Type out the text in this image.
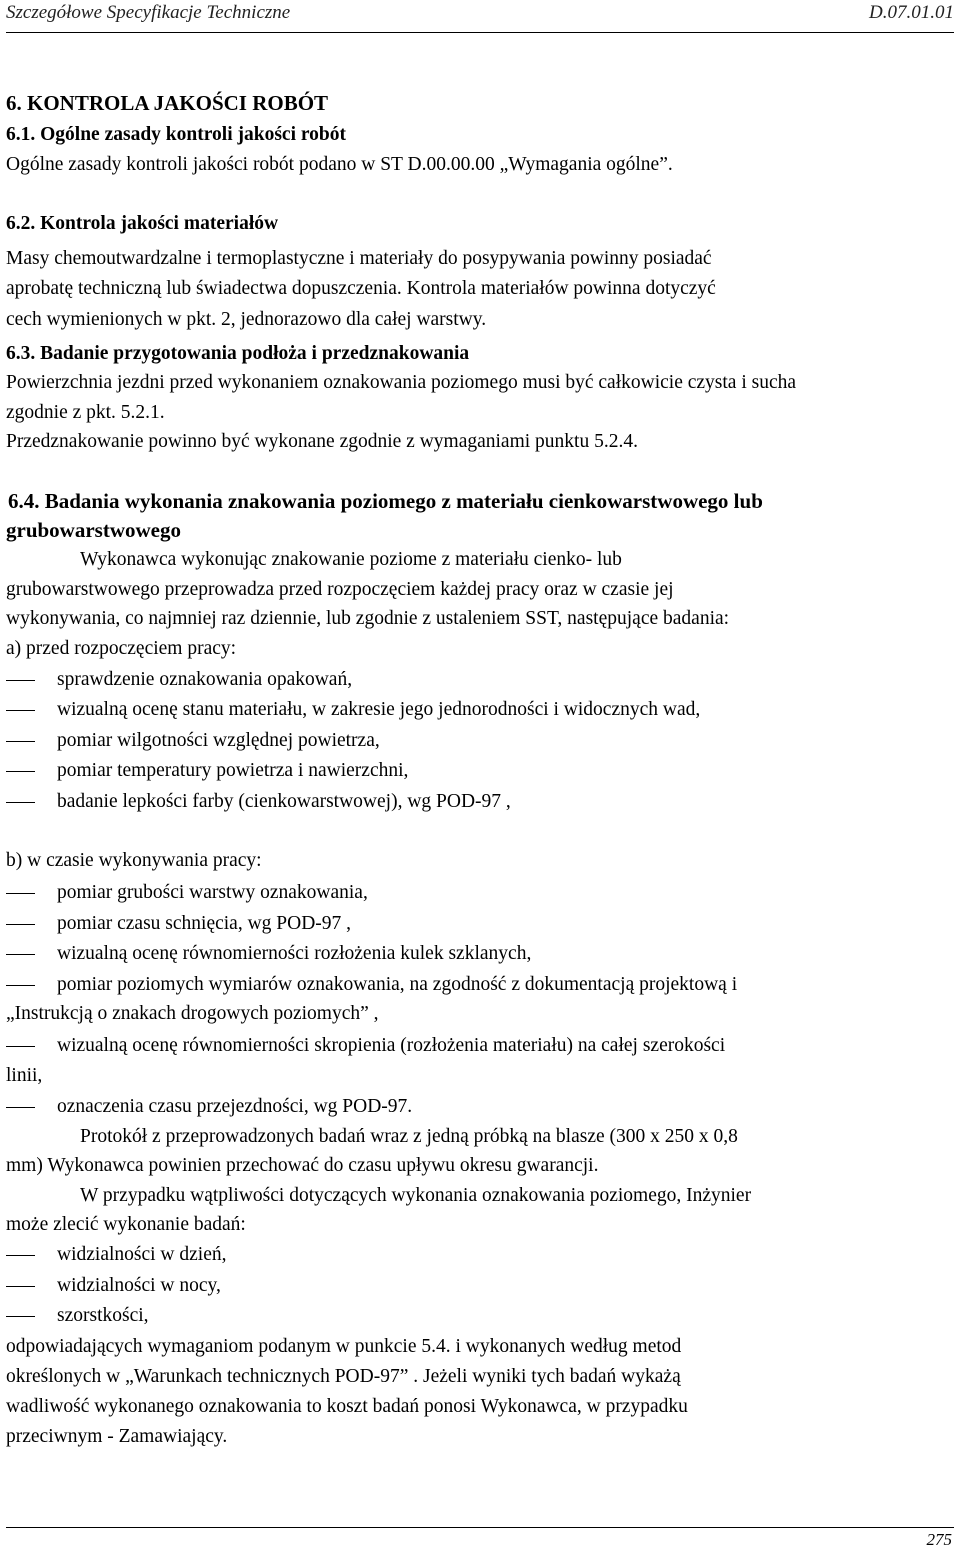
Szczegółowe Specyfikacje Techniczne	D.07.01.01
6. KONTROLA JAKOŚCI ROBÓT
6.1. Ogólne zasady kontroli jakości robót
Ogólne zasady kontroli jakości robót podano w ST D.00.00.00 „Wymagania ogólne”.
6.2. Kontrola jakości materiałów
Masy chemoutwardzalne i termoplastyczne i materiały do posypywania powinny posiadać
aprobatę techniczną lub świadectwa dopuszczenia. Kontrola materiałów powinna dotyczyć
cech wymienionych w pkt. 2, jednorazowo dla całej warstwy.
6.3. Badanie przygotowania podłoża i przedznakowania
Powierzchnia jezdni przed wykonaniem oznakowania poziomego musi być całkowicie czysta i sucha
zgodnie z pkt. 5.2.1.
Przedznakowanie powinno być wykonane zgodnie z wymaganiami punktu 5.2.4.
6.4. Badania wykonania znakowania poziomego z materiału cienkowarstwowego lub
grubowarstwowego
Wykonawca wykonując znakowanie poziome z materiału cienko- lub
grubowarstwowego przeprowadza przed rozpoczęciem każdej pracy oraz w czasie jej
wykonywania, co najmniej raz dziennie, lub zgodnie z ustaleniem SST, następujące badania:
a) przed rozpoczęciem pracy:
sprawdzenie oznakowania opakowań,
wizualną ocenę stanu materiału, w zakresie jego jednorodności i widocznych wad,
pomiar wilgotności względnej powietrza,
pomiar temperatury powietrza i nawierzchni,
badanie lepkości farby (cienkowarstwowej), wg POD-97 ,
b) w czasie wykonywania pracy:
pomiar grubości warstwy oznakowania,
pomiar czasu schnięcia, wg POD-97 ,
wizualną ocenę równomierności rozłożenia kulek szklanych,
pomiar poziomych wymiarów oznakowania, na zgodność z dokumentacją projektową i
„Instrukcją o znakach drogowych poziomych” ,
wizualną ocenę równomierności skropienia (rozłożenia materiału) na całej szerokości
linii,
oznaczenia czasu przejezdności, wg POD-97.
Protokół z przeprowadzonych badań wraz z jedną próbką na blasze (300 x 250 x 0,8
mm) Wykonawca powinien przechować do czasu upływu okresu gwarancji.
W przypadku wątpliwości dotyczących wykonania oznakowania poziomego, Inżynier
może zlecić wykonanie badań:
widzialności w dzień,
widzialności w nocy,
szorstkości,
odpowiadających wymaganiom podanym w punkcie 5.4. i wykonanych według metod
określonych w „Warunkach technicznych POD-97” . Jeżeli wyniki tych badań wykażą
wadliwość wykonanego oznakowania to koszt badań ponosi Wykonawca, w przypadku
przeciwnym - Zamawiający.
275
